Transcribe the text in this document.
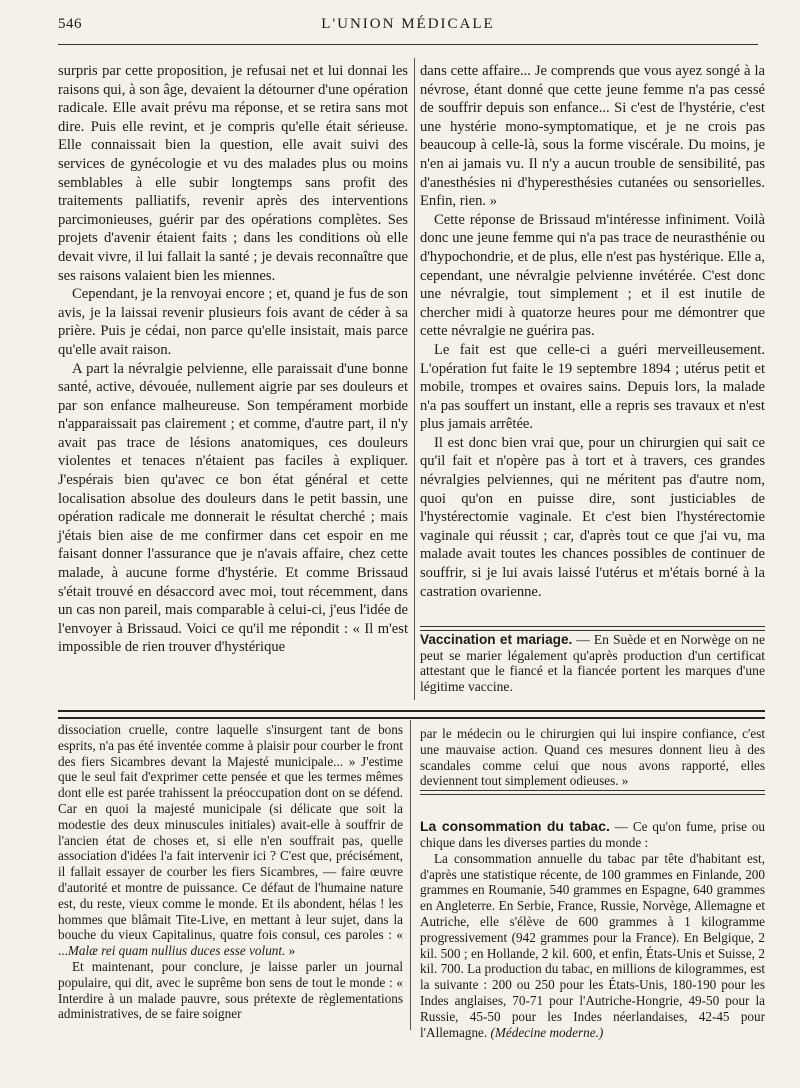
546	L'UNION MÉDICALE

surpris par cette proposition, je refusai net et lui donnai les raisons qui, à son âge, devaient la détourner d'une opération radicale. Elle avait prévu ma réponse, et se retira sans mot dire. Puis elle revint, et je compris qu'elle était sérieuse. Elle connaissait bien la question, elle avait suivi des services de gynécologie et vu des malades plus ou moins semblables à elle subir longtemps sans profit des traitements palliatifs, revenir après des interventions parcimonieuses, guérir par des opérations complètes. Ses projets d'avenir étaient faits ; dans les conditions où elle devait vivre, il lui fallait la santé ; je devais reconnaître que ses raisons valaient bien les miennes.

Cependant, je la renvoyai encore ; et, quand je fus de son avis, je la laissai revenir plusieurs fois avant de céder à sa prière. Puis je cédai, non parce qu'elle insistait, mais parce qu'elle avait raison.

A part la névralgie pelvienne, elle paraissait d'une bonne santé, active, dévouée, nullement aigrie par ses douleurs et par son enfance malheureuse. Son tempérament morbide n'apparaissait pas clairement ; et comme, d'autre part, il n'y avait pas trace de lésions anatomiques, ces douleurs violentes et tenaces n'étaient pas faciles à expliquer. J'espérais bien qu'avec ce bon état général et cette localisation absolue des douleurs dans le petit bassin, une opération radicale me donnerait le résultat cherché ; mais j'étais bien aise de me confirmer dans cet espoir en me faisant donner l'assurance que je n'avais affaire, chez cette malade, à aucune forme d'hystérie. Et comme Brissaud s'était trouvé en désaccord avec moi, tout récemment, dans un cas non pareil, mais comparable à celui-ci, j'eus l'idée de l'envoyer à Brissaud. Voici ce qu'il me répondit : « Il m'est impossible de rien trouver d'hystérique

dans cette affaire... Je comprends que vous ayez songé à la névrose, étant donné que cette jeune femme n'a pas cessé de souffrir depuis son enfance... Si c'est de l'hystérie, c'est une hystérie mono-symptomatique, et je ne crois pas beaucoup à celle-là, sous la forme viscérale. Du moins, je n'en ai jamais vu. Il n'y a aucun trouble de sensibilité, pas d'anesthésies ni d'hyperesthésies cutanées ou sensorielles. Enfin, rien. »

Cette réponse de Brissaud m'intéresse infiniment. Voilà donc une jeune femme qui n'a pas trace de neurasthénie ou d'hypochondrie, et de plus, elle n'est pas hystérique. Elle a, cependant, une névralgie pelvienne invétérée. C'est donc une névralgie, tout simplement ; et il est inutile de chercher midi à quatorze heures pour me démontrer que cette névralgie ne guérira pas.

Le fait est que celle-ci a guéri merveilleusement. L'opération fut faite le 19 septembre 1894 ; utérus petit et mobile, trompes et ovaires sains. Depuis lors, la malade n'a pas souffert un instant, elle a repris ses travaux et n'est plus jamais arrêtée.

Il est donc bien vrai que, pour un chirurgien qui sait ce qu'il fait et n'opère pas à tort et à travers, ces grandes névralgies pelviennes, qui ne méritent pas d'autre nom, quoi qu'on en puisse dire, sont justiciables de l'hystérectomie vaginale. Et c'est bien l'hystérectomie vaginale qui réussit ; car, d'après tout ce que j'ai vu, ma malade avait toutes les chances possibles de continuer de souffrir, si je lui avais laissé l'utérus et m'étais borné à la castration ovarienne.

Vaccination et mariage. — En Suède et en Norwège on ne peut se marier légalement qu'après production d'un certificat attestant que le fiancé et la fiancée portent les marques d'une légitime vaccine.

dissociation cruelle, contre laquelle s'insurgent tant de bons esprits, n'a pas été inventée comme à plaisir pour courber le front des fiers Sicambres devant la Majesté municipale... » J'estime que le seul fait d'exprimer cette pensée et que les termes mêmes dont elle est parée trahissent la préoccupation dont on se défend. Car en quoi la majesté municipale (si délicate que soit la modestie des deux minuscules initiales) avait-elle à souffrir de l'ancien état de choses et, si elle n'en souffrait pas, quelle association d'idées l'a fait intervenir ici ? C'est que, précisément, il fallait essayer de courber les fiers Sicambres, — faire œuvre d'autorité et montre de puissance. Ce défaut de l'humaine nature est, du reste, vieux comme le monde. Et ils abondent, hélas ! les hommes que blâmait Tite-Live, en mettant à leur sujet, dans la bouche du vieux Capitalinus, quatre fois consul, ces paroles : « ...Malæ rei quam nullius duces esse volunt. »

Et maintenant, pour conclure, je laisse parler un journal populaire, qui dit, avec le suprême bon sens de tout le monde : « Interdire à un malade pauvre, sous prétexte de règlementations administratives, de se faire soigner

par le médecin ou le chirurgien qui lui inspire confiance, c'est une mauvaise action. Quand ces mesures donnent lieu à des scandales comme celui que nous avons rapporté, elles deviennent tout simplement odieuses. »

La consommation du tabac. — Ce qu'on fume, prise ou chique dans les diverses parties du monde :

La consommation annuelle du tabac par tête d'habitant est, d'après une statistique récente, de 100 grammes en Finlande, 200 grammes en Roumanie, 540 grammes en Espagne, 640 grammes en Angleterre. En Serbie, France, Russie, Norvège, Allemagne et Autriche, elle s'élève de 600 grammes à 1 kilogramme progressivement (942 grammes pour la France). En Belgique, 2 kil. 500 ; en Hollande, 2 kil. 600, et enfin, États-Unis et Suisse, 2 kil. 700. La production du tabac, en millions de kilogrammes, est la suivante : 200 ou 250 pour les États-Unis, 180-190 pour les Indes anglaises, 70-71 pour l'Autriche-Hongrie, 49-50 pour la Russie, 45-50 pour les Indes néerlandaises, 42-45 pour l'Allemagne. (Médecine moderne.)
